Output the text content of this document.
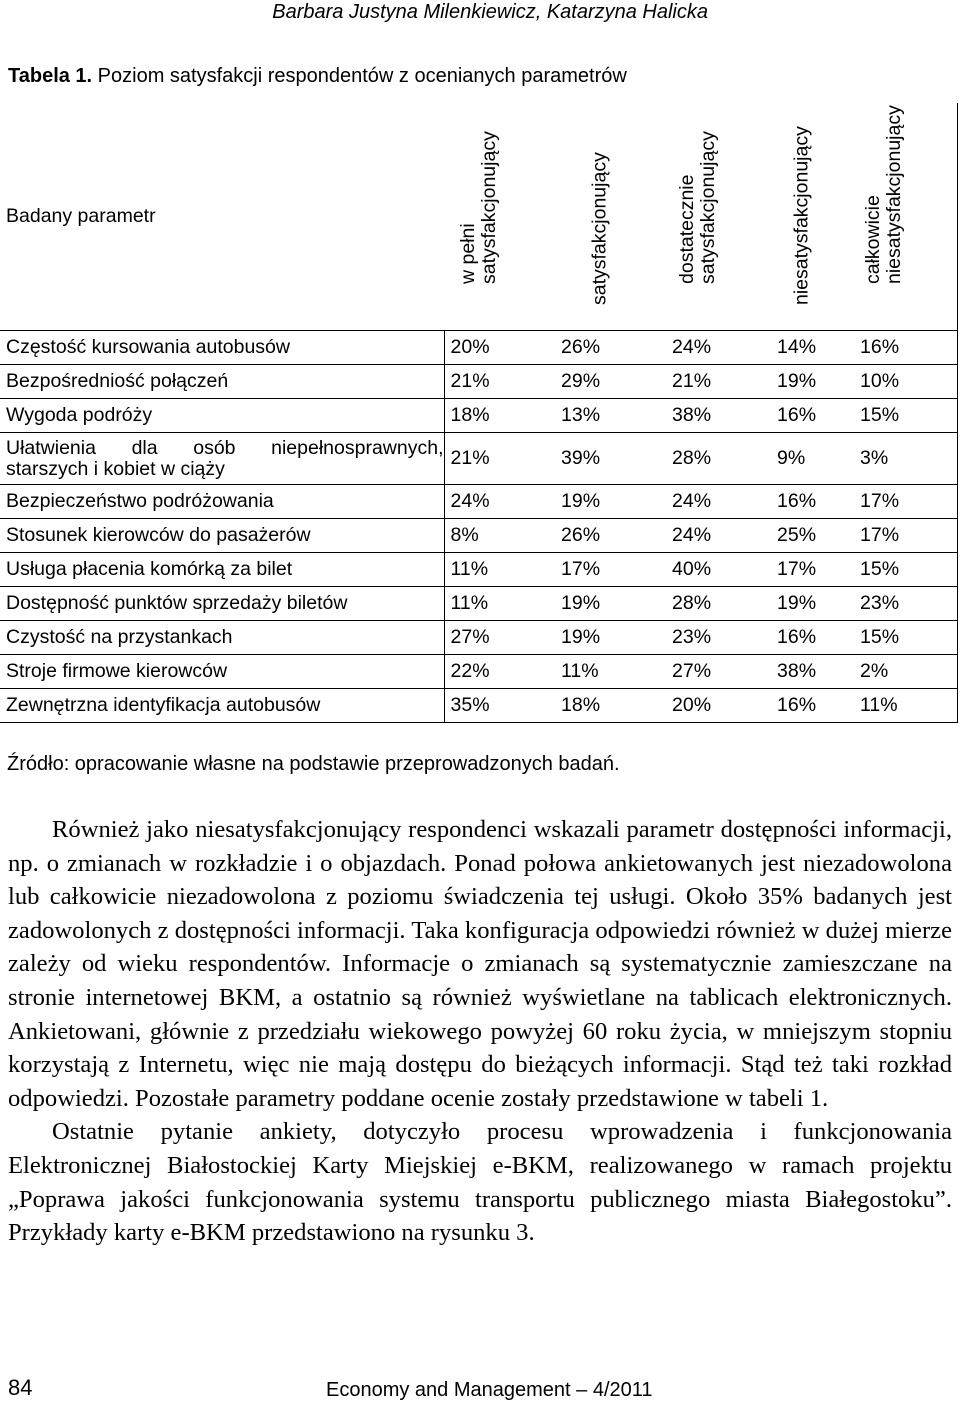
Barbara Justyna Milenkiewicz, Katarzyna Halicka
Tabela 1. Poziom satysfakcji respondentów z ocenianych parametrów
Badany parametr	w pełni satysfakcjonujący	satysfakcjonujący	dostatecznie satysfakcjonujący	niesatysfakcjonujący	całkowicie niesatysfakcjonujący

Częstość kursowania autobusów	20%	26%	24%	14%	16%
Bezpośredniość połączeń	21%	29%	21%	19%	10%
Wygoda podróży	18%	13%	38%	16%	15%

Ułatwienia dla osób niepełnosprawnych,
starszych i kobiet w ciąży	21%	39%	28%	9%	3%
Bezpieczeństwo podróżowania	24%	19%	24%	16%	17%
Stosunek kierowców do pasażerów	8%	26%	24%	25%	17%
Usługa płacenia komórką za bilet	11%	17%	40%	17%	15%
Dostępność punktów sprzedaży biletów	11%	19%	28%	19%	23%
Czystość na przystankach	27%	19%	23%	16%	15%
Stroje firmowe kierowców	22%	11%	27%	38%	2%
Zewnętrzna identyfikacja autobusów	35%	18%	20%	16%	11%
Źródło: opracowanie własne na podstawie przeprowadzonych badań.

Również jako niesatysfakcjonujący respondenci wskazali parametr dostępności informacji, np. o zmianach w rozkładzie i o objazdach. Ponad połowa ankietowanych jest niezadowolona lub całkowicie niezadowolona z poziomu świadczenia tej usługi. Około 35% badanych jest zadowolonych z dostępności informacji. Taka konfiguracja odpowiedzi również w dużej mierze zależy od wieku respondentów. Informacje o zmianach są systematycznie zamieszczane na stronie internetowej BKM, a ostatnio są również wyświetlane na tablicach elektronicznych. Ankietowani, głównie z przedziału wiekowego powyżej 60 roku życia, w mniejszym stopniu korzystają z Internetu, więc nie mają dostępu do bieżących informacji. Stąd też taki rozkład odpowiedzi. Pozostałe parametry poddane ocenie zostały przedstawione w tabeli 1.

Ostatnie pytanie ankiety, dotyczyło procesu wprowadzenia i funkcjonowania Elektronicznej Białostockiej Karty Miejskiej e-BKM, realizowanego w ramach projektu „Poprawa jakości funkcjonowania systemu transportu publicznego miasta Białegostoku”. Przykłady karty e-BKM przedstawiono na rysunku 3.

84	Economy and Management – 4/2011
